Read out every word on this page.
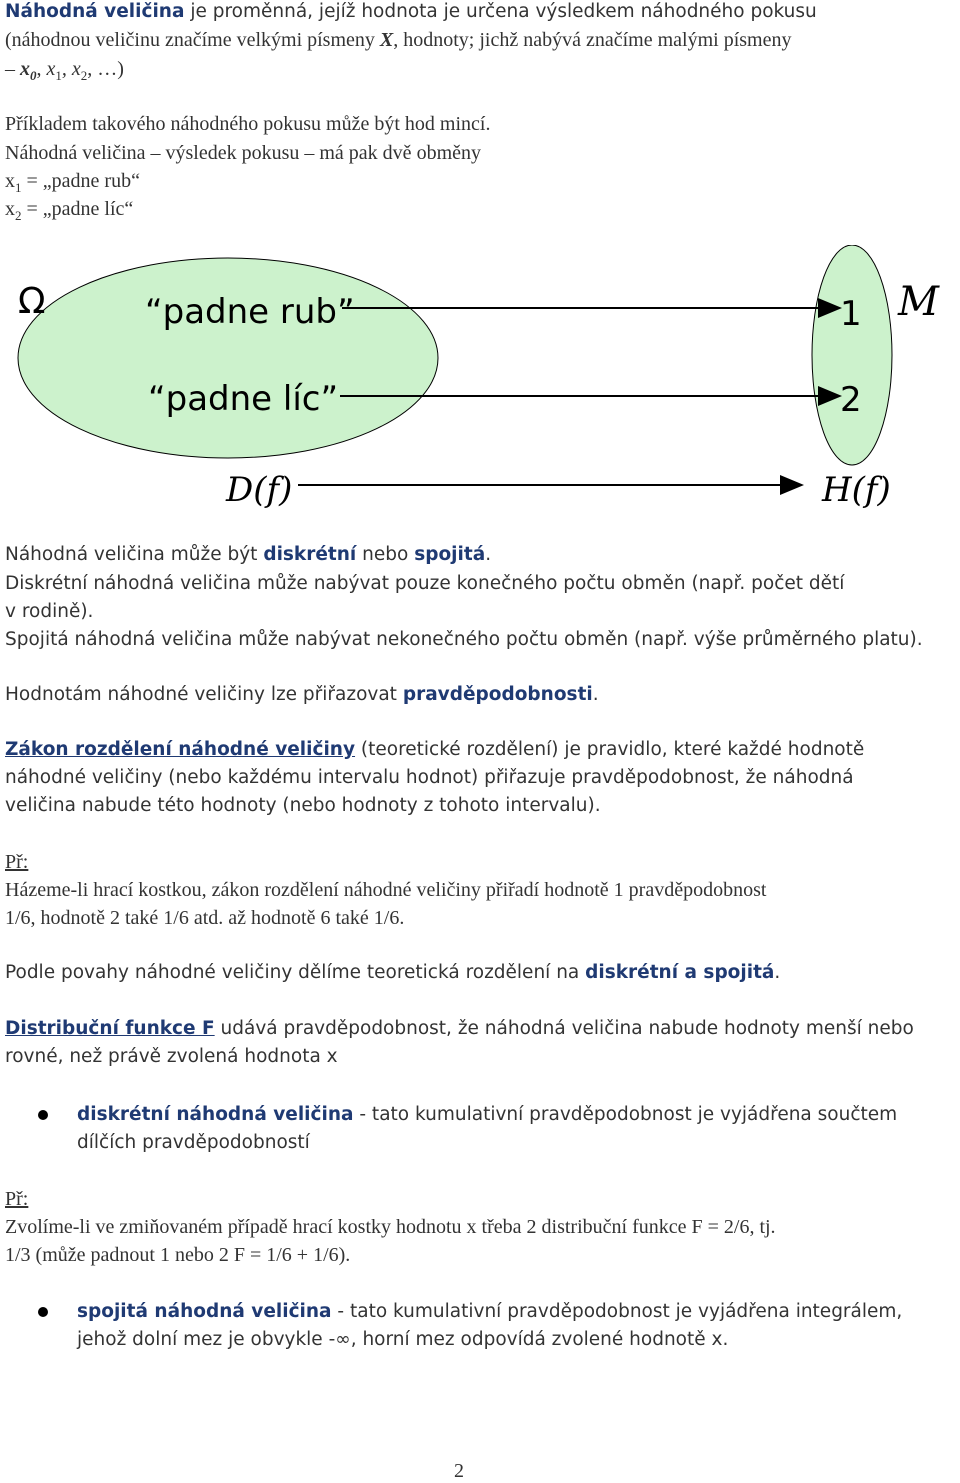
Náhodná veličina je proměnná, jejíž hodnota je určena výsledkem náhodného pokusu
(náhodnou veličinu značíme velkými písmeny X, hodnoty; jichž nabývá značíme malými písmeny
– $x_0$, $x_1$, $x_2$, …)
Příkladem takového náhodného pokusu může být hod mincí.
Náhodná veličina – výsledek pokusu – má pak dvě obměny
$x_1$ = „padne rub“
$x_2$ = „padne líc“
Ω	“padne rub”
“padne líc”
1
2
M
D(f)	H(f)
Náhodná veličina může být diskrétní nebo spojitá.
Diskrétní náhodná veličina může nabývat pouze konečného počtu obměn (např. počet dětí
v rodině).
Spojitá náhodná veličina může nabývat nekonečného počtu obměn (např. výše průměrného platu).
Hodnotám náhodné veličiny lze přiřazovat pravděpodobnosti.
Zákon rozdělení náhodné veličiny (teoretické rozdělení) je pravidlo, které každé hodnotě
náhodné veličiny (nebo každému intervalu hodnot) přiřazuje pravděpodobnost, že náhodná
veličina nabude této hodnoty (nebo hodnoty z tohoto intervalu).
Př:
Házeme-li hrací kostkou, zákon rozdělení náhodné veličiny přiřadí hodnotě 1 pravděpodobnost
1/6, hodnotě 2 také 1/6 atd. až hodnotě 6 také 1/6.
Podle povahy náhodné veličiny dělíme teoretická rozdělení na diskrétní a spojitá.
Distribuční funkce F udává pravděpodobnost, že náhodná veličina nabude hodnoty menší nebo
rovné, než právě zvolená hodnota x
diskrétní náhodná veličina - tato kumulativní pravděpodobnost je vyjádřena součtem
dílčích pravděpodobností
Př:
Zvolíme-li ve zmiňovaném případě hrací kostky hodnotu x třeba 2 distribuční funkce F = 2/6, tj.
1/3 (může padnout 1 nebo 2 F = 1/6 + 1/6).
spojitá náhodná veličina - tato kumulativní pravděpodobnost je vyjádřena integrálem,
jehož dolní mez je obvykle -∞, horní mez odpovídá zvolené hodnotě x.
2
